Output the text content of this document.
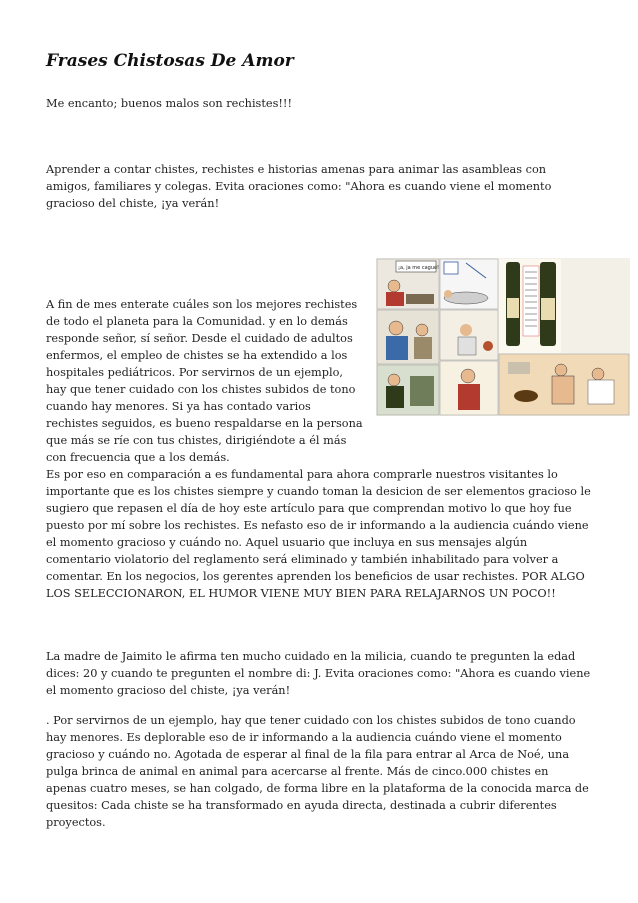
Frases Chistosas De Amor

Me encanto; buenos malos son rechistes!!!

Aprender a contar chistes, rechistes e historias amenas para animar las asambleas con amigos, familiares y colegas. Evita oraciones como: "Ahora es cuando viene el momento gracioso del chiste, ¡ya verán!

A fin de mes enterate cuáles son los mejores rechistes de todo el planeta para la Comunidad. y en lo demás responde señor, sí señor. Desde el cuidado de adultos enfermos, el empleo de chistes se ha extendido a los hospitales pediátricos. Por servirnos de un ejemplo, hay que tener cuidado con los chistes subidos de tono cuando hay menores. Si ya has contado varios rechistes seguidos, es bueno respaldarse en la persona que más se ríe con tus chistes, dirigiéndote a él más con frecuencia que a los demás.

Es por eso en comparación a es fundamental para ahora comprarle nuestros visitantes lo importante que es los chistes siempre y cuando toman la desicion de ser elementos gracioso le sugiero que repasen el día de hoy este artículo para que comprendan motivo lo que hoy fue puesto por mí sobre los rechistes. Es nefasto eso de ir informando a la audiencia cuándo viene el momento gracioso y cuándo no. Aquel usuario que incluya en sus mensajes algún comentario violatorio del reglamento será eliminado y también inhabilitado para volver a comentar. En los negocios, los gerentes aprenden los beneficios de usar rechistes. POR ALGO LOS SELECCIONARON, EL HUMOR VIENE MUY BIEN PARA RELAJARNOS UN POCO!!

La madre de Jaimito le afirma ten mucho cuidado en la milicia, cuando te pregunten la edad dices: 20 y cuando te pregunten el nombre di: J. Evita oraciones como: "Ahora es cuando viene el momento gracioso del chiste, ¡ya verán!

. Por servirnos de un ejemplo, hay que tener cuidado con los chistes subidos de tono cuando hay menores. Es deplorable eso de ir informando a la audiencia cuándo viene el momento gracioso y cuándo no. Agotada de esperar al final de la fila para entrar al Arca de Noé, una pulga brinca de animal en animal para acercarse al frente. Más de cinco.000 chistes en apenas cuatro meses, se han colgado, de forma libre en la plataforma de la conocida marca de quesitos: Cada chiste se ha transformado en ayuda directa, destinada a cubrir diferentes proyectos.

¡a, ja me cagué!
